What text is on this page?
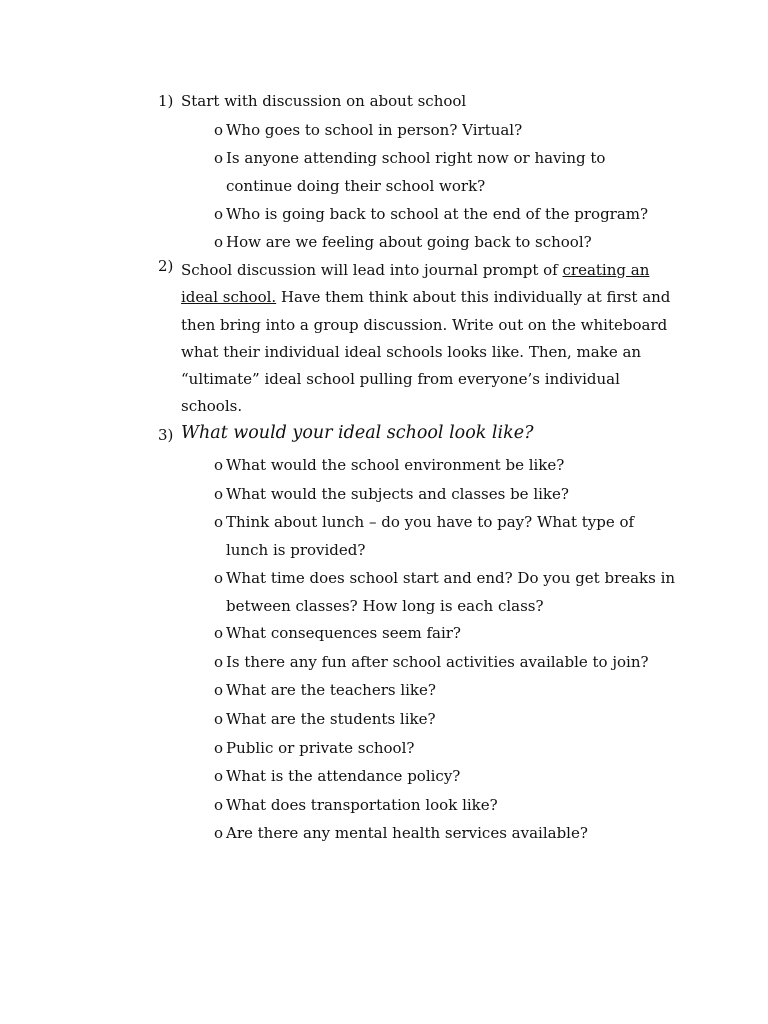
1) Start with discussion on about school
o Who goes to school in person? Virtual?
o Is anyone attending school right now or having to continue doing their school work?
o Who is going back to school at the end of the program?
o How are we feeling about going back to school?
2) School discussion will lead into journal prompt of creating an ideal school. Have them think about this individually at first and then bring into a group discussion. Write out on the whiteboard what their individual ideal schools looks like. Then, make an “ultimate” ideal school pulling from everyone’s individual schools.
3) What would your ideal school look like?
o What would the school environment be like?
o What would the subjects and classes be like?
o Think about lunch – do you have to pay? What type of lunch is provided?
o What time does school start and end? Do you get breaks in between classes? How long is each class?
o What consequences seem fair?
o Is there any fun after school activities available to join?
o What are the teachers like?
o What are the students like?
o Public or private school?
o What is the attendance policy?
o What does transportation look like?
o Are there any mental health services available?
